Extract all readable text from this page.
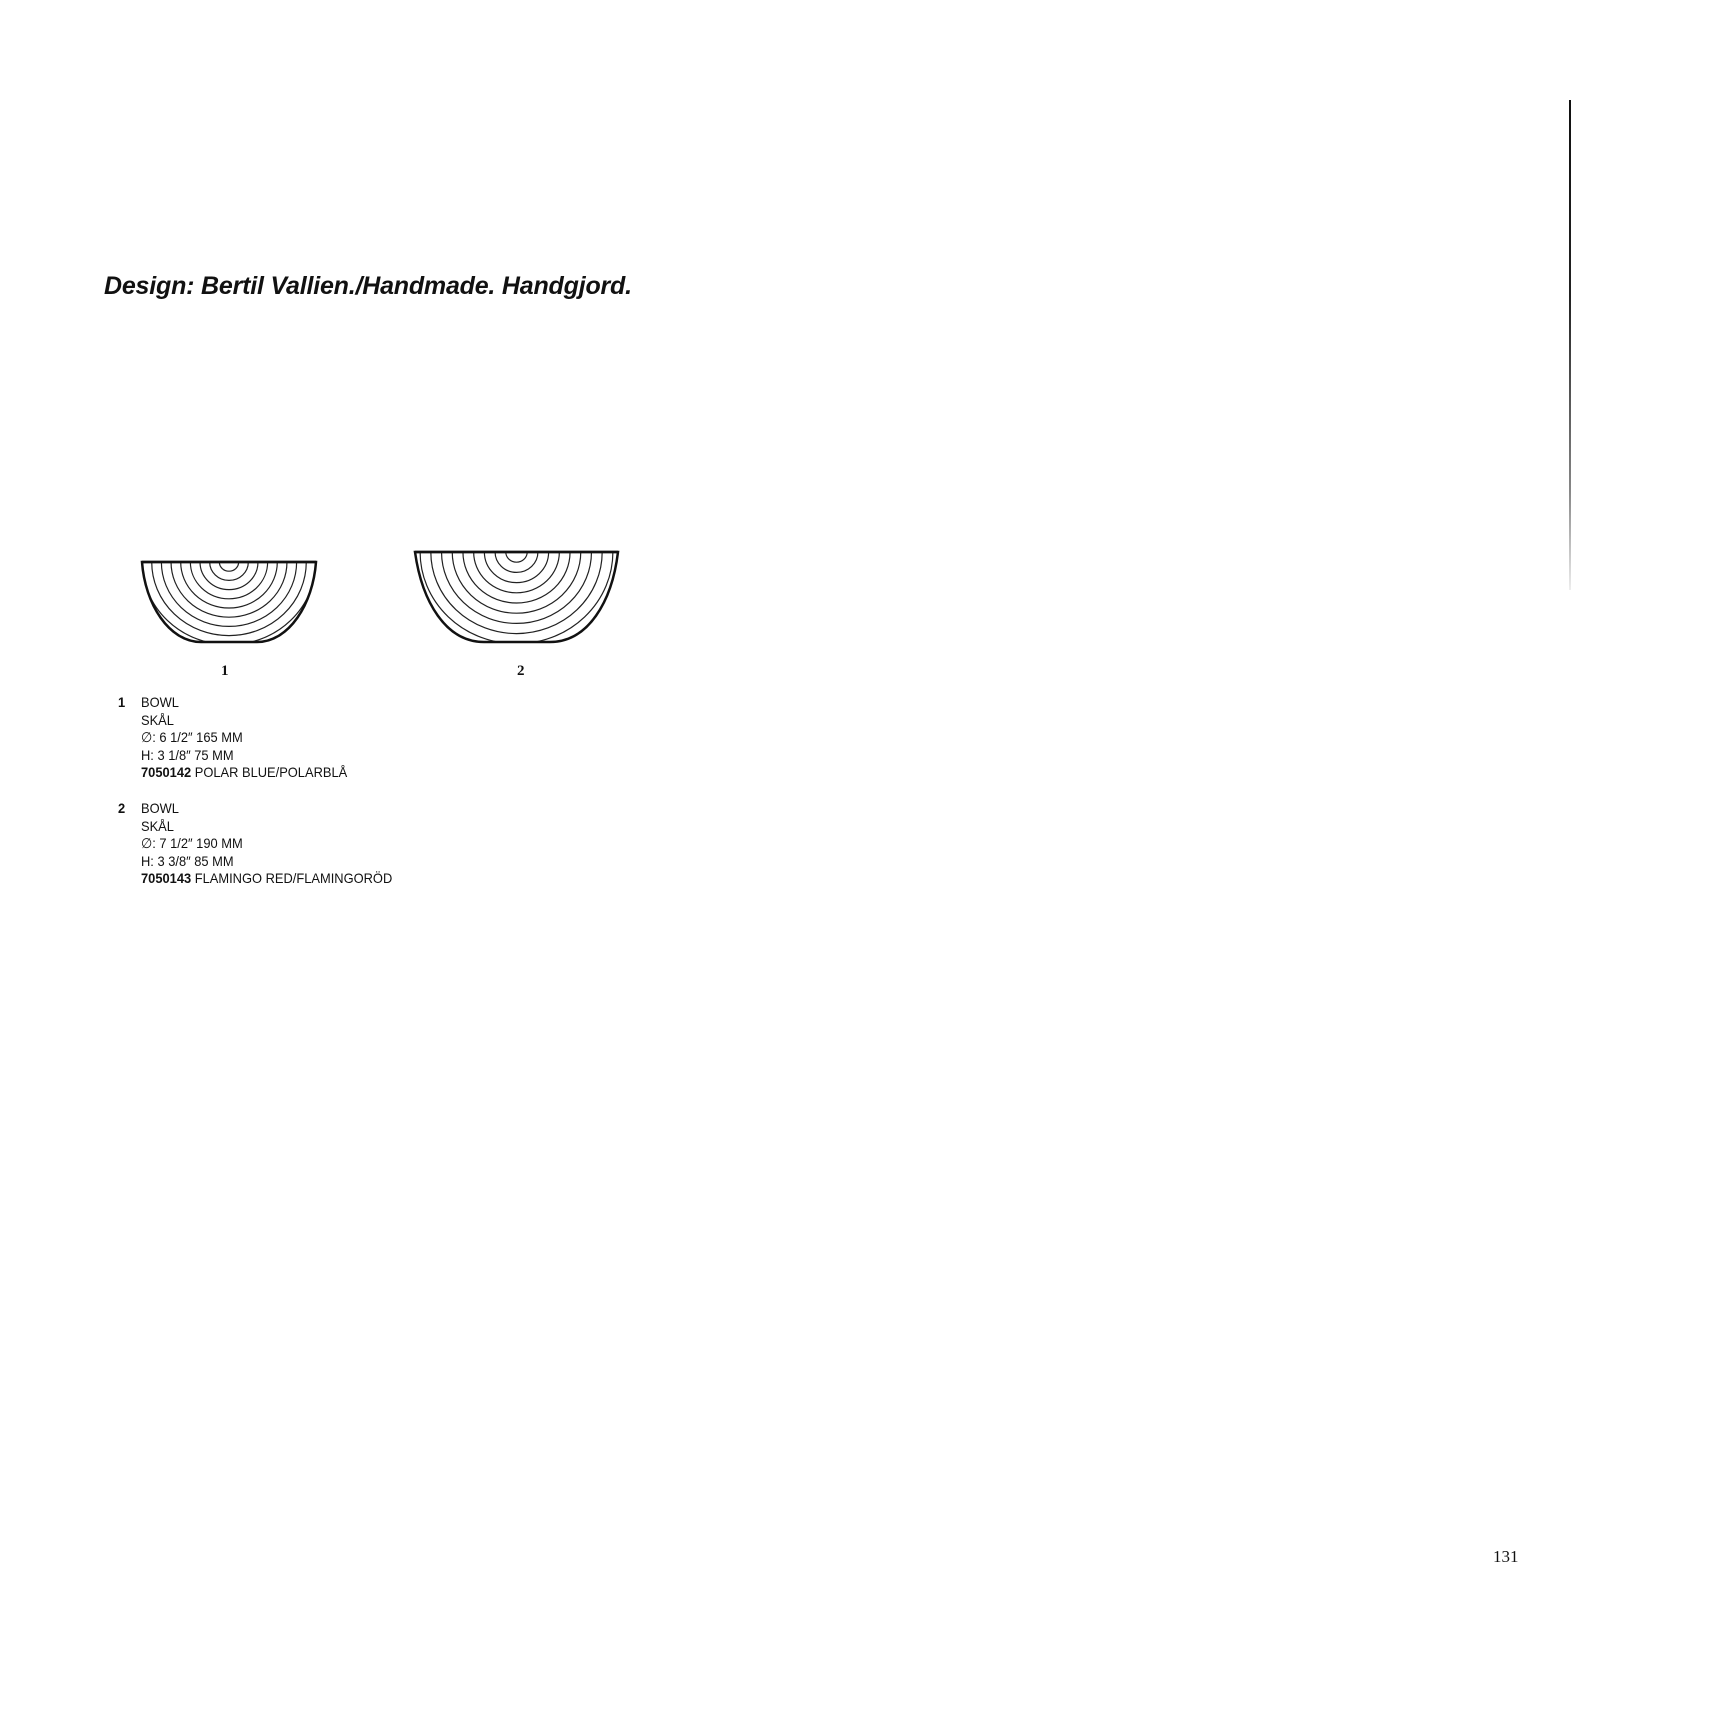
Design: Bertil Vallien./Handmade. Handgjord.
1	2
1 BOWL
SKÅL
∅: 6 1/2″ 165 MM
H: 3 1/8″ 75 MM
7050142 POLAR BLUE/POLARBLÅ
2 BOWL
SKÅL
∅: 7 1/2″ 190 MM
H: 3 3/8″ 85 MM
7050143 FLAMINGO RED/FLAMINGORÖD
131
